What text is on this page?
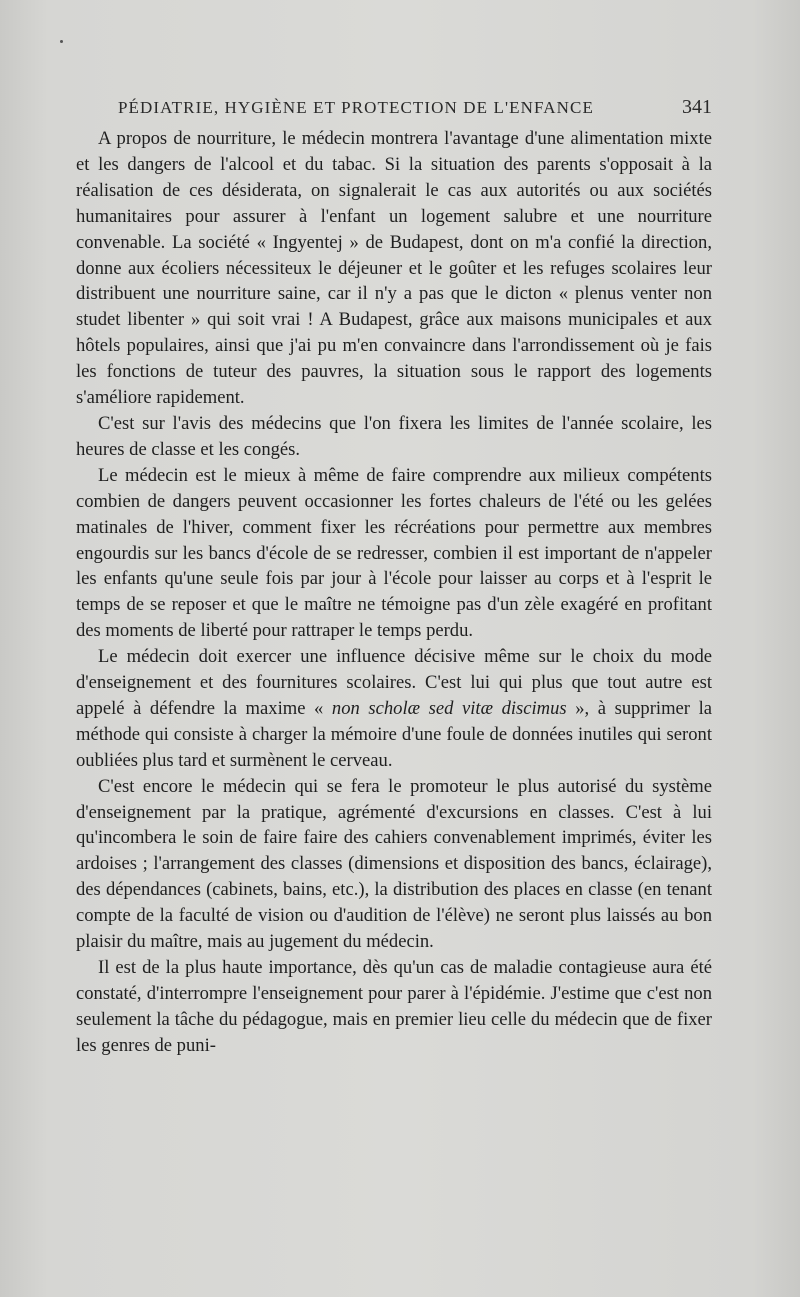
PÉDIATRIE, HYGIÈNE ET PROTECTION DE L'ENFANCE	341

A propos de nourriture, le médecin montrera l'avantage d'une alimentation mixte et les dangers de l'alcool et du tabac. Si la situation des parents s'opposait à la réalisation de ces désiderata, on signalerait le cas aux autorités ou aux sociétés humanitaires pour assurer à l'enfant un logement salubre et une nourriture convenable. La société « Ingyentej » de Budapest, dont on m'a confié la direction, donne aux écoliers nécessiteux le déjeuner et le goûter et les refuges scolaires leur distribuent une nourriture saine, car il n'y a pas que le dicton « plenus venter non studet libenter » qui soit vrai ! A Budapest, grâce aux maisons municipales et aux hôtels populaires, ainsi que j'ai pu m'en convaincre dans l'arrondissement où je fais les fonctions de tuteur des pauvres, la situation sous le rapport des logements s'améliore rapidement.

C'est sur l'avis des médecins que l'on fixera les limites de l'année scolaire, les heures de classe et les congés.

Le médecin est le mieux à même de faire comprendre aux milieux compétents combien de dangers peuvent occasionner les fortes chaleurs de l'été ou les gelées matinales de l'hiver, comment fixer les récréations pour permettre aux membres engourdis sur les bancs d'école de se redresser, combien il est important de n'appeler les enfants qu'une seule fois par jour à l'école pour laisser au corps et à l'esprit le temps de se reposer et que le maître ne témoigne pas d'un zèle exagéré en profitant des moments de liberté pour rattraper le temps perdu.

Le médecin doit exercer une influence décisive même sur le choix du mode d'enseignement et des fournitures scolaires. C'est lui qui plus que tout autre est appelé à défendre la maxime « non scholæ sed vitæ discimus », à supprimer la méthode qui consiste à charger la mémoire d'une foule de données inutiles qui seront oubliées plus tard et surmènent le cerveau.

C'est encore le médecin qui se fera le promoteur le plus autorisé du système d'enseignement par la pratique, agrémenté d'excursions en classes. C'est à lui qu'incombera le soin de faire faire des cahiers convenablement imprimés, éviter les ardoises ; l'arrangement des classes (dimensions et disposition des bancs, éclairage), des dépendances (cabinets, bains, etc.), la distribution des places en classe (en tenant compte de la faculté de vision ou d'audition de l'élève) ne seront plus laissés au bon plaisir du maître, mais au jugement du médecin.

Il est de la plus haute importance, dès qu'un cas de maladie contagieuse aura été constaté, d'interrompre l'enseignement pour parer à l'épidémie. J'estime que c'est non seulement la tâche du pédagogue, mais en premier lieu celle du médecin que de fixer les genres de puni-
